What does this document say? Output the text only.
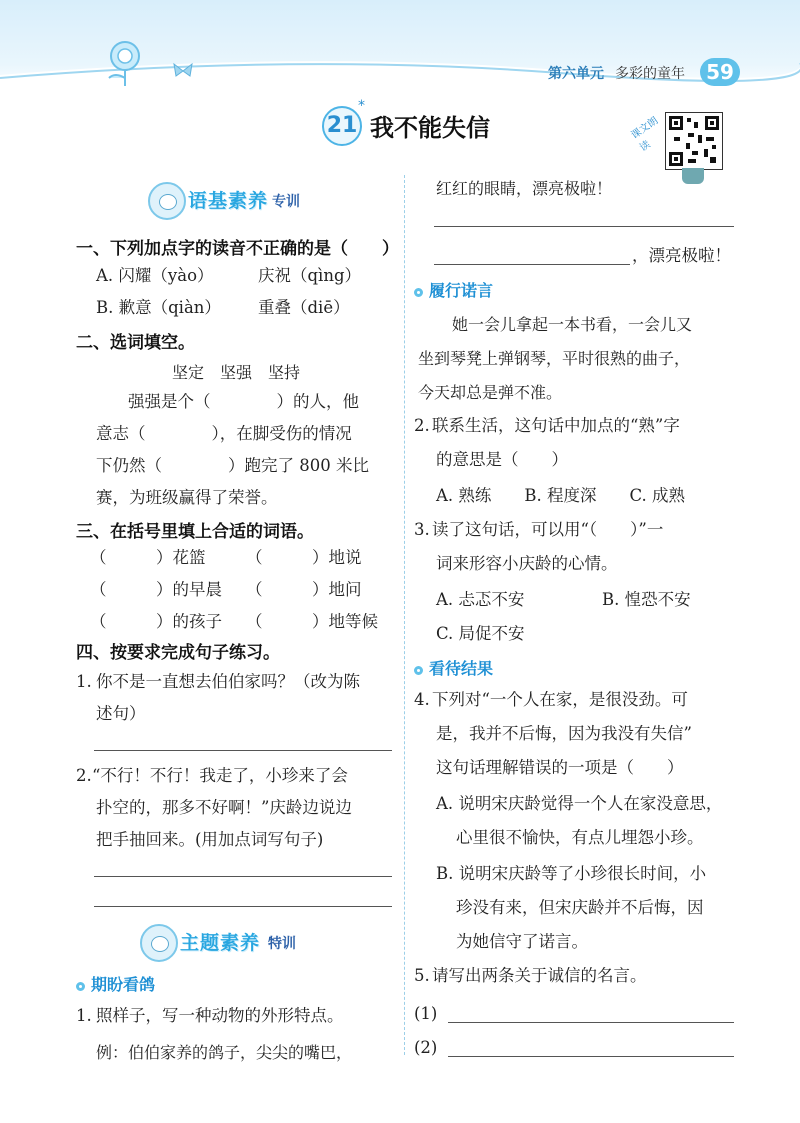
第六单元 多彩的童年	59
21
*
我不能失信	课文朗读
语基素养 专训
一、下列加点字的读音不正确的是（　　）
A. 闪耀（yào）	庆祝（qìng）
B. 歉意（qiàn） 重叠（diē）
二、选词填空。
坚定　坚强　坚持
强强是个（　　　　）的人，他
意志（　　　　），在脚受伤的情况
下仍然（　　　　）跑完了 800 米比
赛，为班级赢得了荣誉。
三、在括号里填上合适的词语。
（　　　）花篮 （　　　）地说
（　　　）的早晨 （　　　）地问
（　　　）的孩子 （　　　）地等候
四、按要求完成句子练习。
1. 你不是一直想去伯伯家吗？（改为陈
述句）
2. “不行！不行！我走了，小珍来了会
扑空的，那多不好啊！”庆龄边说边
把手抽回来。(用加点词写句子)
主题素养 特训
期盼看鸽
1. 照样子，写一种动物的外形特点。
例：伯伯家养的鸽子，尖尖的嘴巴，
红红的眼睛，漂亮极啦！
，漂亮极啦！
履行诺言
她一会儿拿起一本书看，一会儿又
坐到琴凳上弹钢琴，平时很熟的曲子，
今天却总是弹不准。
2. 联系生活，这句话中加点的“熟”字
的意思是（　　）
A. 熟练　　B. 程度深　　C. 成熟
3. 读了这句话，可以用“（　　）”一
词来形容小庆龄的心情。
A. 忐忑不安	B. 惶恐不安
C. 局促不安
看待结果
4. 下列对“一个人在家，是很没劲。可
是，我并不后悔，因为我没有失信”
这句话理解错误的一项是（　　）
A. 说明宋庆龄觉得一个人在家没意思，
心里很不愉快，有点儿埋怨小珍。
B. 说明宋庆龄等了小珍很长时间，小
珍没有来，但宋庆龄并不后悔，因
为她信守了诺言。
5. 请写出两条关于诚信的名言。
(1)
(2)
